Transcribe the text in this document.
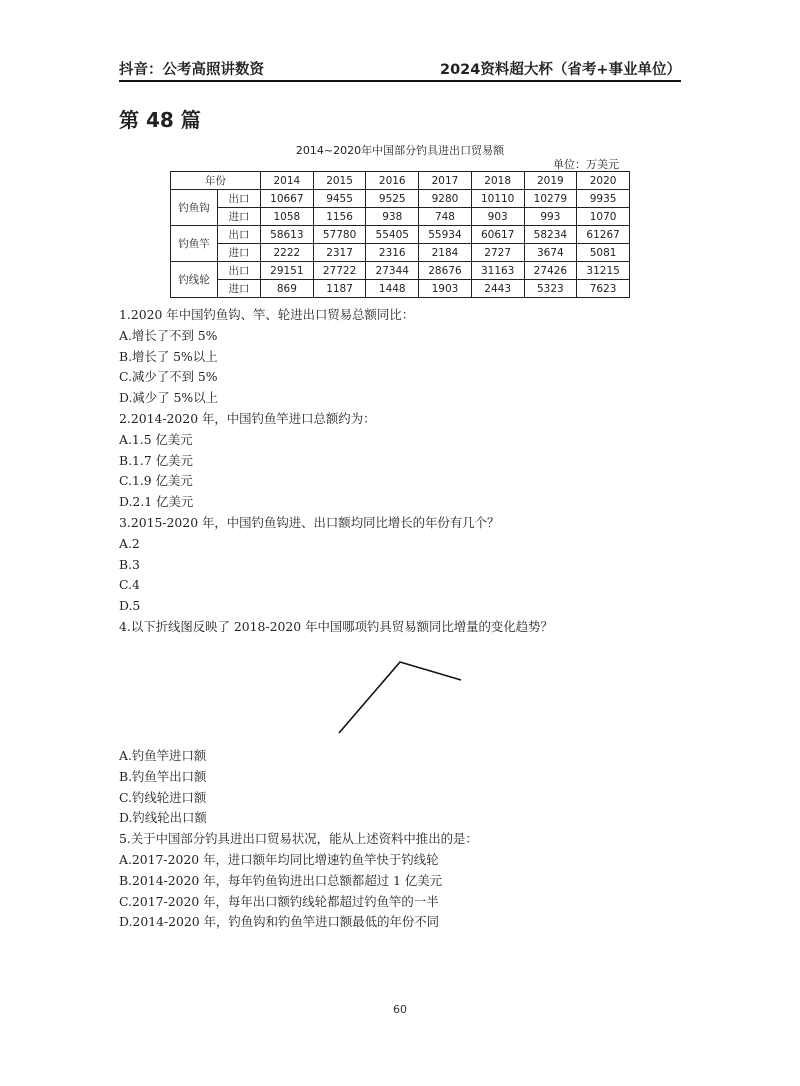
抖音：公考高照讲数资	2024资料超大杯（省考+事业单位）
第 48 篇
2014~2020年中国部分钓具进出口贸易额
单位：万美元
年份		2014	2015	2016	2017	2018	2019	2020
钓鱼钩	出口	10667	9455	9525	9280	10110	10279	9935
	进口	1058	1156	938	748	903	993	1070
钓鱼竿	出口	58613	57780	55405	55934	60617	58234	61267
	进口	2222	2317	2316	2184	2727	3674	5081
钓线轮	出口	29151	27722	27344	28676	31163	27426	31215
	进口	869	1187	1448	1903	2443	5323	7623
1.2020 年中国钓鱼钩、竿、轮进出口贸易总额同比：
A.增长了不到 5%
B.增长了 5%以上
C.减少了不到 5%
D.减少了 5%以上
2.2014-2020 年，中国钓鱼竿进口总额约为：
A.1.5 亿美元
B.1.7 亿美元
C.1.9 亿美元
D.2.1 亿美元
3.2015-2020 年，中国钓鱼钩进、出口额均同比增长的年份有几个？
A.2
B.3
C.4
D.5
4.以下折线图反映了 2018-2020 年中国哪项钓具贸易额同比增量的变化趋势？
A.钓鱼竿进口额
B.钓鱼竿出口额
C.钓线轮进口额
D.钓线轮出口额
5.关于中国部分钓具进出口贸易状况，能从上述资料中推出的是：
A.2017-2020 年，进口额年均同比增速钓鱼竿快于钓线轮
B.2014-2020 年，每年钓鱼钩进出口总额都超过 1 亿美元
C.2017-2020 年，每年出口额钓线轮都超过钓鱼竿的一半
D.2014-2020 年，钓鱼钩和钓鱼竿进口额最低的年份不同
60
